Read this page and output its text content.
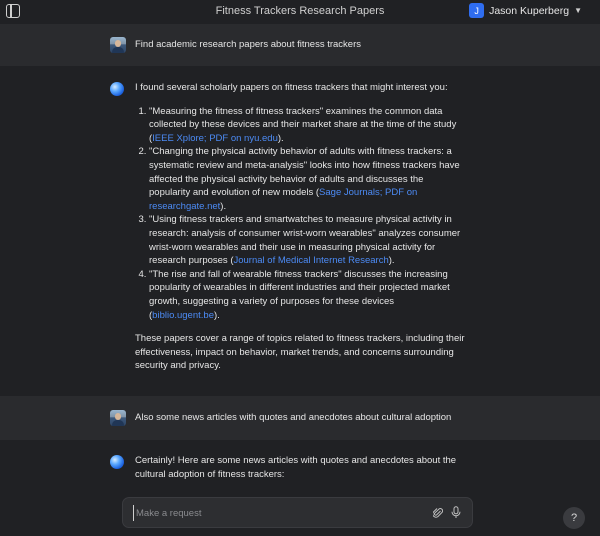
Fitness Trackers Research Papers	J Jason Kuperberg ▼
Find academic research papers about fitness trackers
I found several scholarly papers on fitness trackers that might interest you:
1. "Measuring the fitness of fitness trackers" examines the common data collected by these devices and their market share at the time of the study (IEEE Xplore; PDF on nyu.edu).
2. "Changing the physical activity behavior of adults with fitness trackers: a systematic review and meta-analysis" looks into how fitness trackers have affected the physical activity behavior of adults and discusses the popularity and evolution of new models (Sage Journals; PDF on researchgate.net).
3. "Using fitness trackers and smartwatches to measure physical activity in research: analysis of consumer wrist-worn wearables" analyzes consumer wrist-worn wearables and their use in measuring physical activity for research purposes (Journal of Medical Internet Research).
4. "The rise and fall of wearable fitness trackers" discusses the increasing popularity of wearables in different industries and their projected market growth, suggesting a variety of purposes for these devices (biblio.ugent.be).
These papers cover a range of topics related to fitness trackers, including their effectiveness, impact on behavior, market trends, and concerns surrounding security and privacy.
Also some news articles with quotes and anecdotes about cultural adoption
Certainly! Here are some news articles with quotes and anecdotes about the cultural adoption of fitness trackers:
Make a request
?
